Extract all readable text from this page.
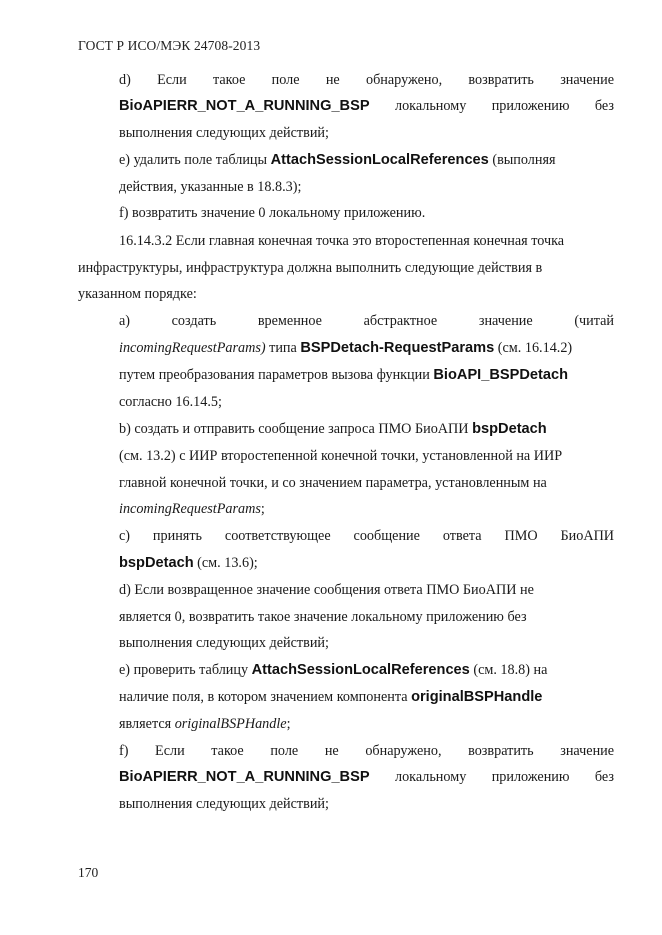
ГОСТ Р ИСО/МЭК 24708-2013
d) Если такое поле не обнаружено, возвратить значение
BioAPIERR_NOT_A_RUNNING_BSP локальному приложению без
выполнения следующих действий;
е) удалить поле таблицы AttachSessionLocalReferences (выполняя
действия, указанные в 18.8.3);
f) возвратить значение 0 локальному приложению.
16.14.3.2 Если главная конечная точка это второстепенная конечная точка
инфраструктуры, инфраструктура должна выполнить следующие действия в
указанном порядке:
a) создать	временное	абстрактное	значение	(читай
incomingRequestParams) типа BSPDetach-RequestParams (см. 16.14.2)
путем преобразования параметров вызова функции BioAPI_BSPDetach
согласно 16.14.5;
b) создать и отправить сообщение запроса ПМО БиоАПИ bspDetach
(см. 13.2) с ИИР второстепенной конечной точки, установленной на ИИР
главной конечной точки, и со значением параметра, установленным на
incomingRequestParams;
с) принять соответствующее сообщение ответа ПМО БиоАПИ
bspDetach (см. 13.6);
d) Если возвращенное значение сообщения ответа ПМО БиоАПИ не
является 0, возвратить такое значение локальному приложению без
выполнения следующих действий;
е) проверить таблицу AttachSessionLocalReferences (см. 18.8) на
наличие поля, в котором значением компонента originalBSPHandle
является originalBSPHandle;
f) Если такое поле не обнаружено, возвратить значение
BioAPIERR_NOT_A_RUNNING_BSP локальному приложению без
выполнения следующих действий;
170
